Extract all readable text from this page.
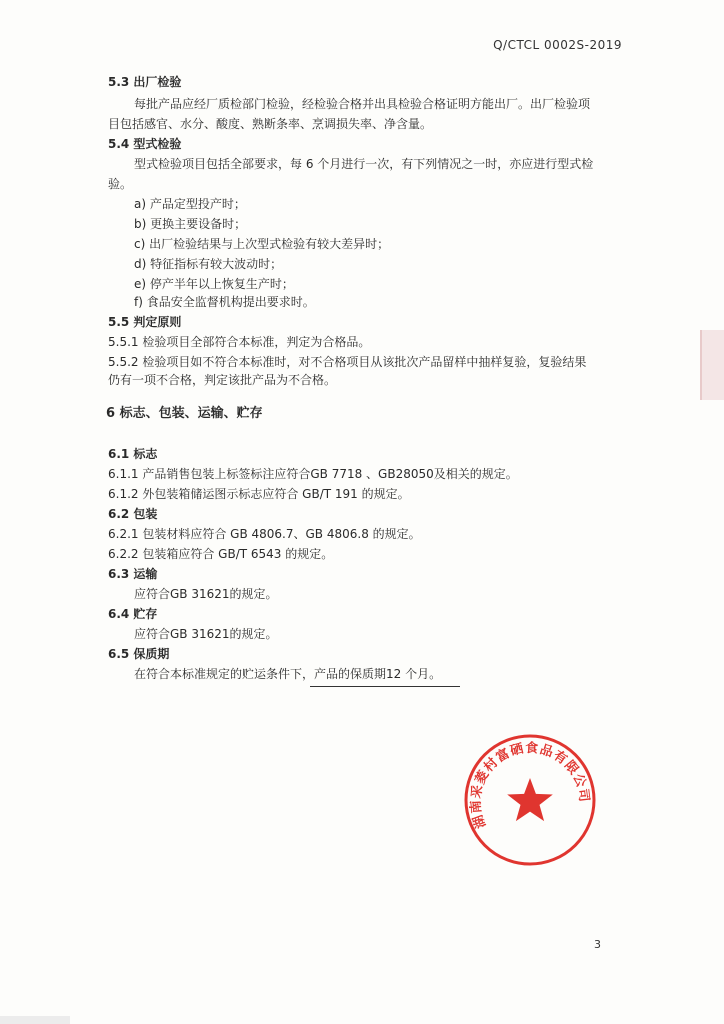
Q/CTCL 0002S-2019
5.3 出厂检验
每批产品应经厂质检部门检验，经检验合格并出具检验合格证明方能出厂。出厂检验项
目包括感官、水分、酸度、熟断条率、烹调损失率、净含量。
5.4 型式检验
型式检验项目包括全部要求，每 6 个月进行一次，有下列情况之一时，亦应进行型式检
验。
a) 产品定型投产时；
b) 更换主要设备时；
c) 出厂检验结果与上次型式检验有较大差异时；
d) 特征指标有较大波动时；
e) 停产半年以上恢复生产时；
f) 食品安全监督机构提出要求时。
5.5 判定原则
5.5.1 检验项目全部符合本标准，判定为合格品。
5.5.2 检验项目如不符合本标准时，对不合格项目从该批次产品留样中抽样复验，复验结果
仍有一项不合格，判定该批产品为不合格。
6 标志、包装、运输、贮存
6.1 标志
6.1.1 产品销售包装上标签标注应符合GB 7718 、GB28050及相关的规定。
6.1.2 外包装箱储运图示标志应符合 GB/T 191 的规定。
6.2 包装
6.2.1 包装材料应符合 GB 4806.7、GB 4806.8 的规定。
6.2.2 包装箱应符合 GB/T 6543 的规定。
6.3 运输
应符合GB 31621的规定。
6.4 贮存
应符合GB 31621的规定。
6.5 保质期
在符合本标准规定的贮运条件下，产品的保质期12 个月。
湖南采菱村富硒食品有限公司
3
